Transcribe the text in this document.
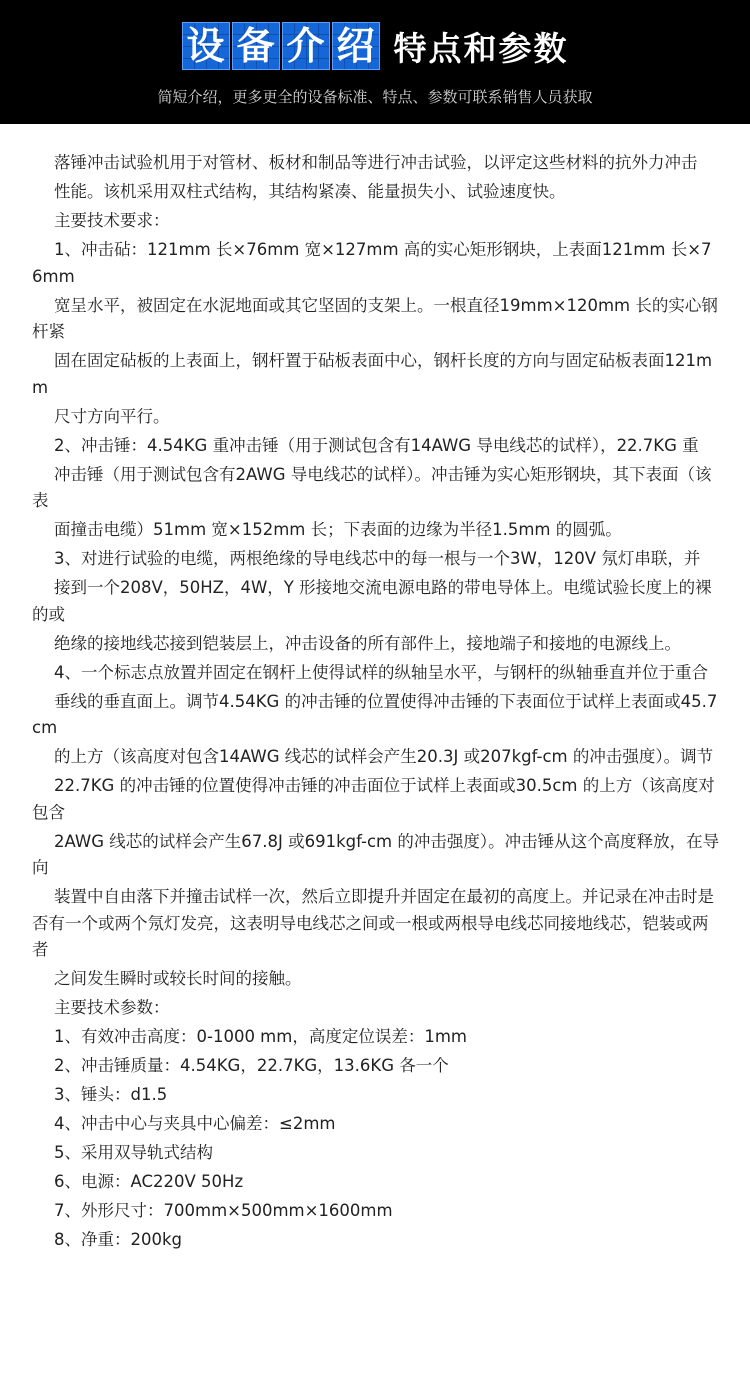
设 备 介 绍 特点和参数
简短介绍，更多更全的设备标准、特点、参数可联系销售人员获取

落锤冲击试验机用于对管材、板材和制品等进行冲击试验，以评定这些材料的抗外力冲击

性能。该机采用双柱式结构，其结构紧凑、能量损失小、试验速度快。

主要技术要求：

1、冲击砧：121mm 长×76mm 宽×127mm 高的实心矩形钢块，上表面121mm 长×76mm

宽呈水平，被固定在水泥地面或其它坚固的支架上。一根直径19mm×120mm 长的实心钢杆紧

固在固定砧板的上表面上，钢杆置于砧板表面中心，钢杆长度的方向与固定砧板表面121mm

尺寸方向平行。

2、冲击锤：4.54KG 重冲击锤（用于测试包含有14AWG 导电线芯的试样），22.7KG 重

冲击锤（用于测试包含有2AWG 导电线芯的试样）。冲击锤为实心矩形钢块，其下表面（该表

面撞击电缆）51mm 宽×152mm 长；下表面的边缘为半径1.5mm 的圆弧。

3、对进行试验的电缆，两根绝缘的导电线芯中的每一根与一个3W，120V 氖灯串联，并

接到一个208V，50HZ，4W，Y 形接地交流电源电路的带电导体上。电缆试验长度上的裸的或

绝缘的接地线芯接到铠装层上，冲击设备的所有部件上，接地端子和接地的电源线上。

4、一个标志点放置并固定在钢杆上使得试样的纵轴呈水平，与钢杆的纵轴垂直并位于重合

垂线的垂直面上。调节4.54KG 的冲击锤的位置使得冲击锤的下表面位于试样上表面或45.7cm

的上方（该高度对包含14AWG 线芯的试样会产生20.3J 或207kgf-cm 的冲击强度）。调节

22.7KG 的冲击锤的位置使得冲击锤的冲击面位于试样上表面或30.5cm 的上方（该高度对包含

2AWG 线芯的试样会产生67.8J 或691kgf-cm 的冲击强度）。冲击锤从这个高度释放，在导向

装置中自由落下并撞击试样一次，然后立即提升并固定在最初的高度上。并记录在冲击时是否有一个或两个氖灯发亮，这表明导电线芯之间或一根或两根导电线芯同接地线芯，铠装或两者

之间发生瞬时或较长时间的接触。

主要技术参数：

1、有效冲击高度：0-1000 mm，高度定位误差：1mm

2、冲击锤质量：4.54KG，22.7KG，13.6KG 各一个

3、锤头：d1.5

4、冲击中心与夹具中心偏差：≤2mm

5、采用双导轨式结构

6、电源：AC220V 50Hz

7、外形尺寸：700mm×500mm×1600mm

8、净重：200kg
